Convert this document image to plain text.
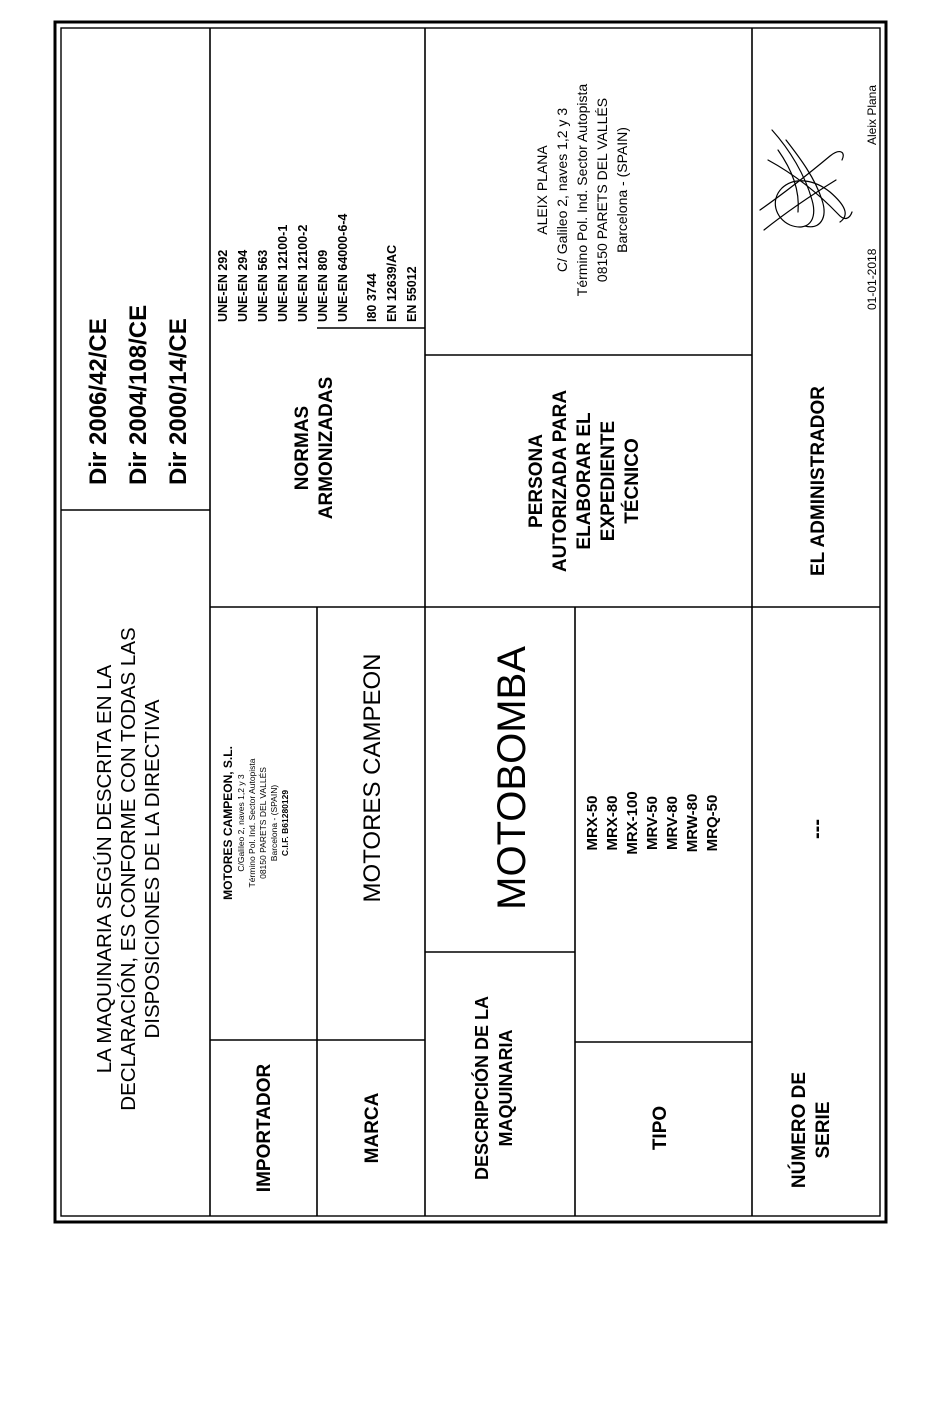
LA MAQUINARIA SEGÚN DESCRITA EN LA DECLARACIÓN, ES CONFORME CON TODAS LAS DISPOSICIONES DE LA DIRECTIVA
Dir 2006/42/CE Dir 2004/108/CE Dir 2000/14/CE
IMPORTADOR
MOTORES CAMPEON, S.L. C/Galileo 2, naves 1,2 y 3 Término Pol. Ind. Sector Autopista 08150 PARETS DEL VALLÉS Barcelona - (SPAIN) C.I.F. B61280129
MARCA
MOTORES CAMPEON
DESCRIPCIÓN DE LA MAQUINARIA
MOTOBOMBA
TIPO
MRX-50 MRX-80 MRX-100 MRV-50 MRV-80 MRW-80 MRQ-50
NÚMERO DE SERIE
---
NORMAS ARMONIZADAS
UNE-EN 292 UNE-EN 294 UNE-EN 563 UNE-EN 12100-1 UNE-EN 12100-2 UNE-EN 809 UNE-EN 64000-6-4 I80 3744 EN 12639/AC EN 55012
PERSONA AUTORIZADA PARA ELABORAR EL EXPEDIENTE TÉCNICO
ALEIX PLANA C/ Galileo 2, naves 1,2 y 3 Término Pol. Ind. Sector Autopista 08150 PARETS DEL VALLÉS Barcelona - (SPAIN)
EL ADMINISTRADOR
01-01-2018
Aleix Plana
